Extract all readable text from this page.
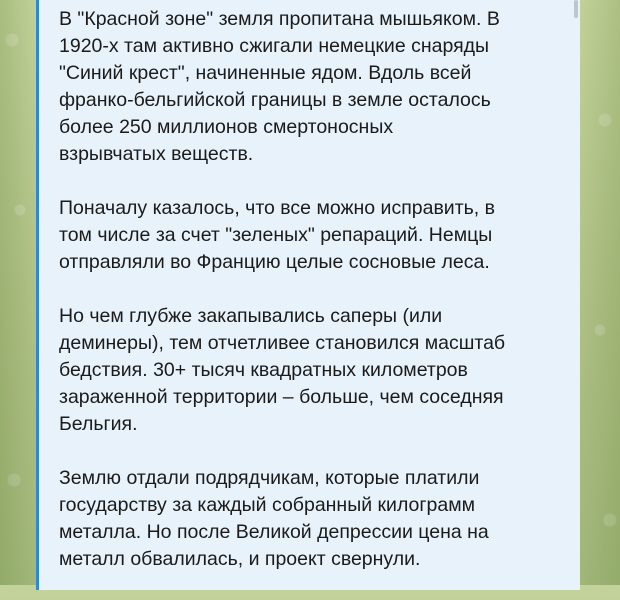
В "Красной зоне" земля пропитана мышьяком. В
1920-х там активно сжигали немецкие снаряды
"Синий крест", начиненные ядом. Вдоль всей
франко-бельгийской границы в земле осталось
более 250 миллионов смертоносных
взрывчатых веществ.

Поначалу казалось, что все можно исправить, в
том числе за счет "зеленых" репараций. Немцы
отправляли во Францию целые сосновые леса.

Но чем глубже закапывались саперы (или
деминеры), тем отчетливее становился масштаб
бедствия. 30+ тысяч квадратных километров
зараженной территории – больше, чем соседняя
Бельгия.

Землю отдали подрядчикам, которые платили
государству за каждый собранный килограмм
металла. Но после Великой депрессии цена на
металл обвалилась, и проект свернули.
